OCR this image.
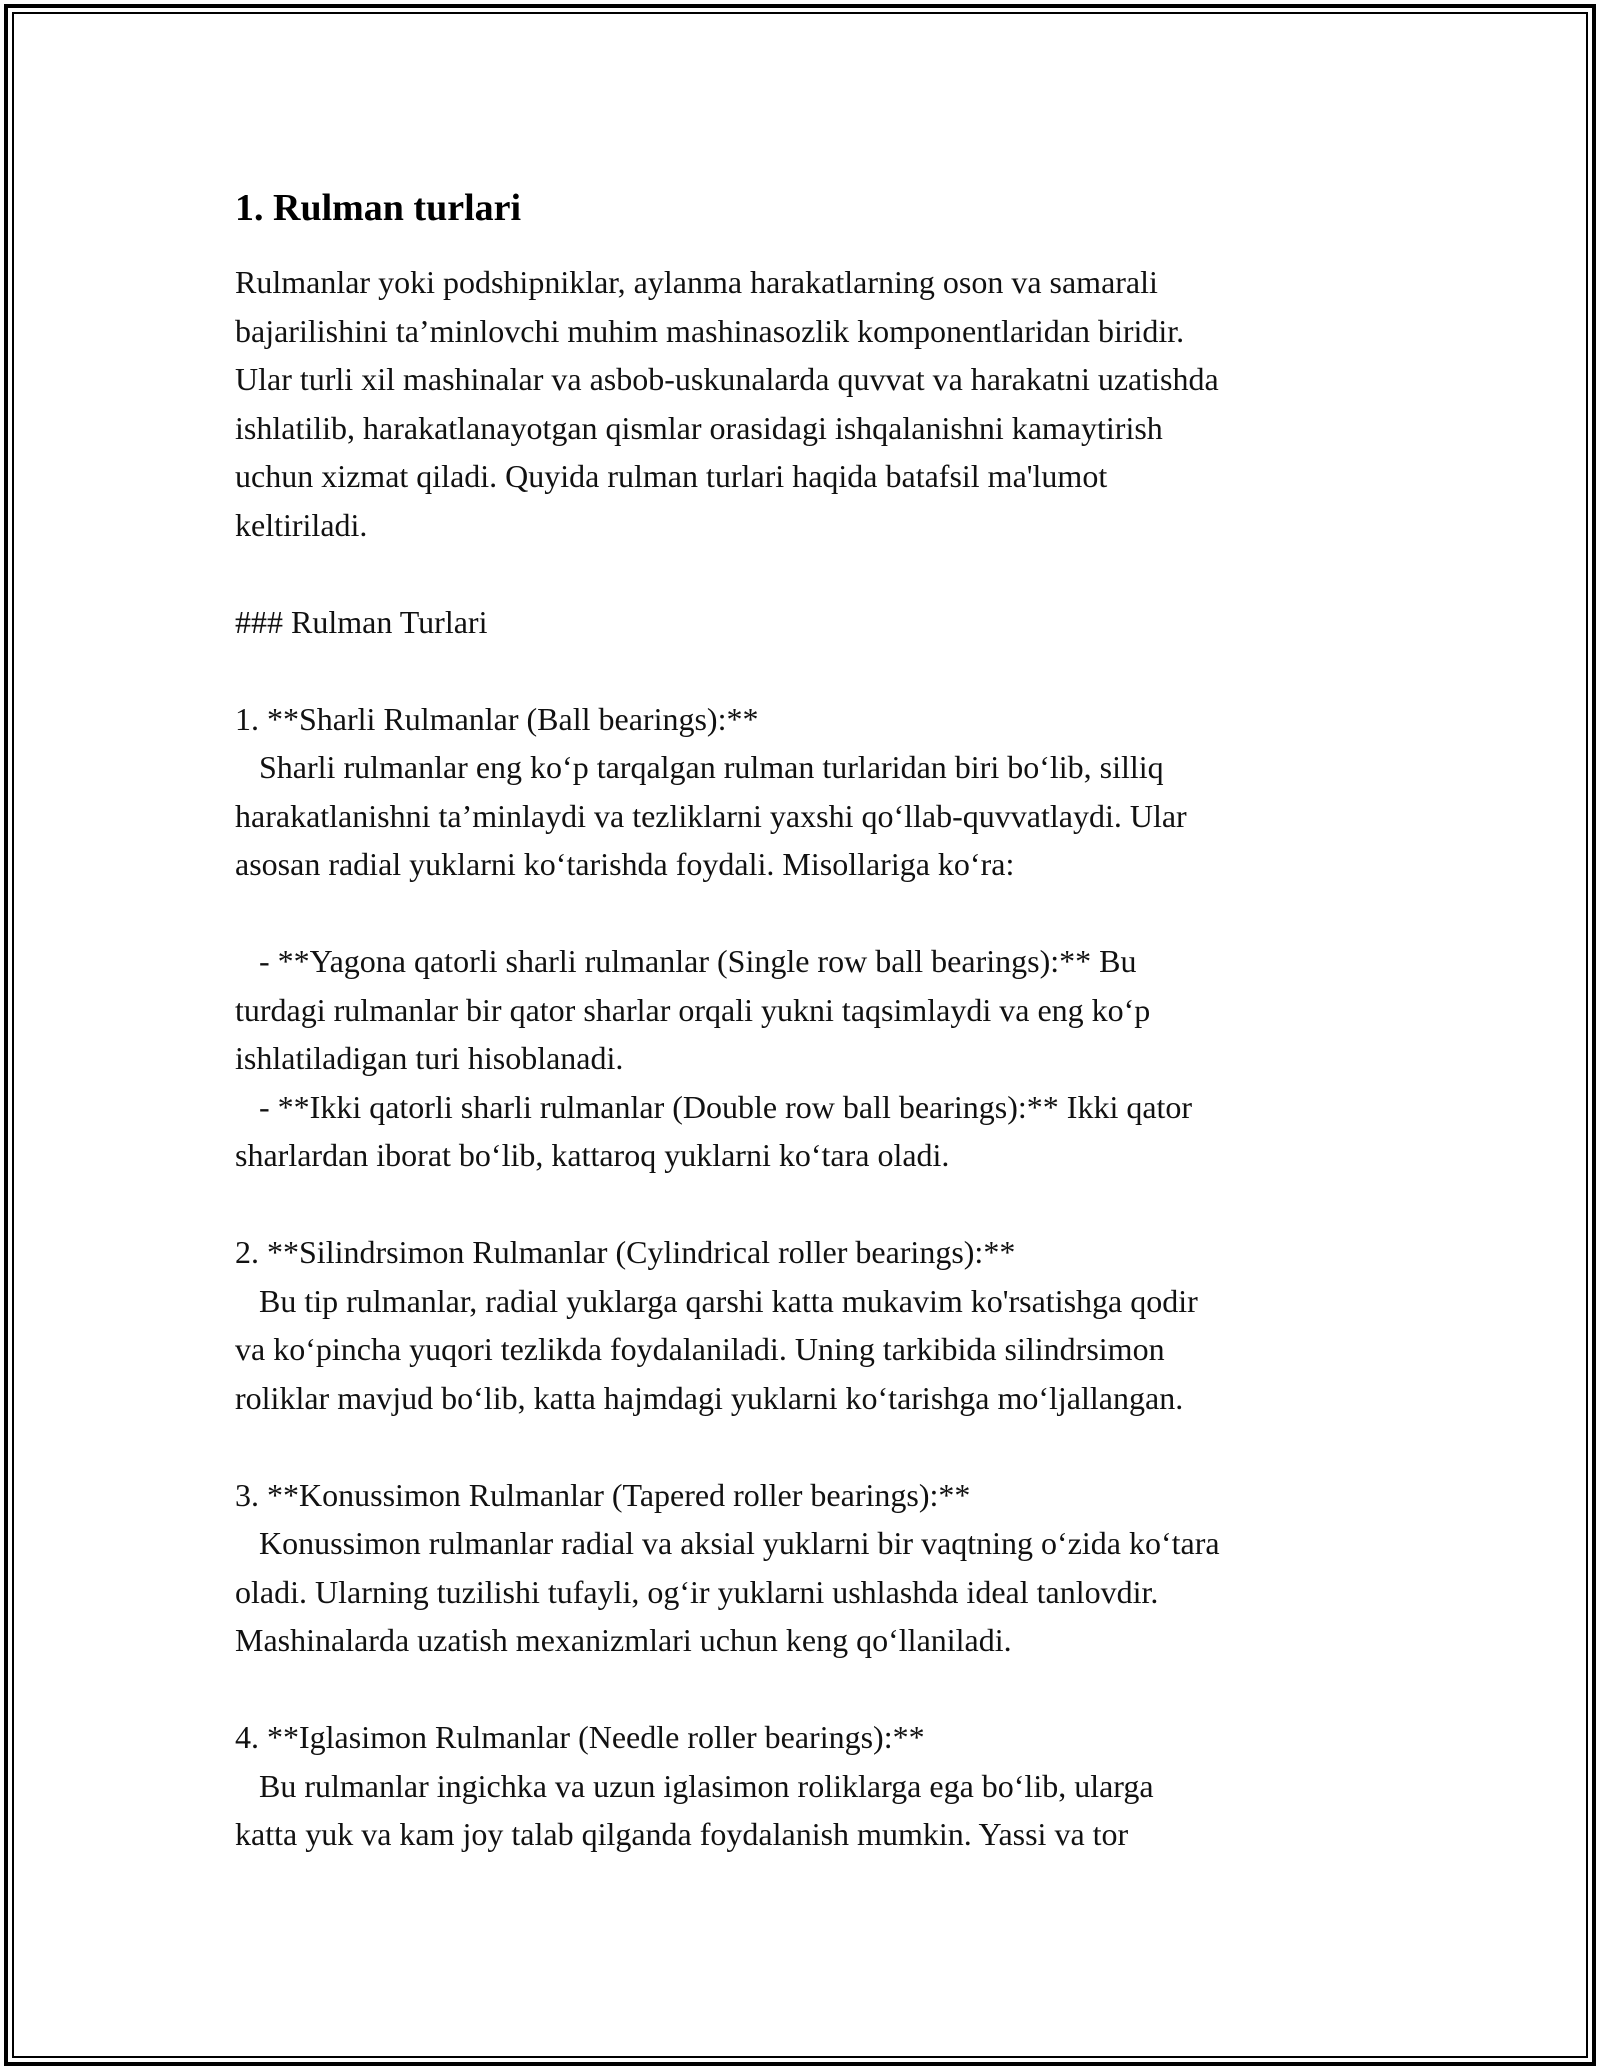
1. Rulman turlari

Rulmanlar yoki podshipniklar, aylanma harakatlarning oson va samarali
bajarilishini ta’minlovchi muhim mashinasozlik komponentlaridan biridir.
Ular turli xil mashinalar va asbob-uskunalarda quvvat va harakatni uzatishda
ishlatilib, harakatlanayotgan qismlar orasidagi ishqalanishni kamaytirish
uchun xizmat qiladi. Quyida rulman turlari haqida batafsil ma'lumot
keltiriladi.

### Rulman Turlari

1. **Sharli Rulmanlar (Ball bearings):**
Sharli rulmanlar eng ko‘p tarqalgan rulman turlaridan biri bo‘lib, silliq
harakatlanishni ta’minlaydi va tezliklarni yaxshi qo‘llab-quvvatlaydi. Ular
asosan radial yuklarni ko‘tarishda foydali. Misollariga ko‘ra:

- **Yagona qatorli sharli rulmanlar (Single row ball bearings):** Bu
turdagi rulmanlar bir qator sharlar orqali yukni taqsimlaydi va eng ko‘p
ishlatiladigan turi hisoblanadi.
- **Ikki qatorli sharli rulmanlar (Double row ball bearings):** Ikki qator
sharlardan iborat bo‘lib, kattaroq yuklarni ko‘tara oladi.

2. **Silindrsimon Rulmanlar (Cylindrical roller bearings):**
Bu tip rulmanlar, radial yuklarga qarshi katta mukavim ko'rsatishga qodir
va ko‘pincha yuqori tezlikda foydalaniladi. Uning tarkibida silindrsimon
roliklar mavjud bo‘lib, katta hajmdagi yuklarni ko‘tarishga mo‘ljallangan.

3. **Konussimon Rulmanlar (Tapered roller bearings):**
Konussimon rulmanlar radial va aksial yuklarni bir vaqtning o‘zida ko‘tara
oladi. Ularning tuzilishi tufayli, og‘ir yuklarni ushlashda ideal tanlovdir.
Mashinalarda uzatish mexanizmlari uchun keng qo‘llaniladi.

4. **Iglasimon Rulmanlar (Needle roller bearings):**
Bu rulmanlar ingichka va uzun iglasimon roliklarga ega bo‘lib, ularga
katta yuk va kam joy talab qilganda foydalanish mumkin. Yassi va tor
